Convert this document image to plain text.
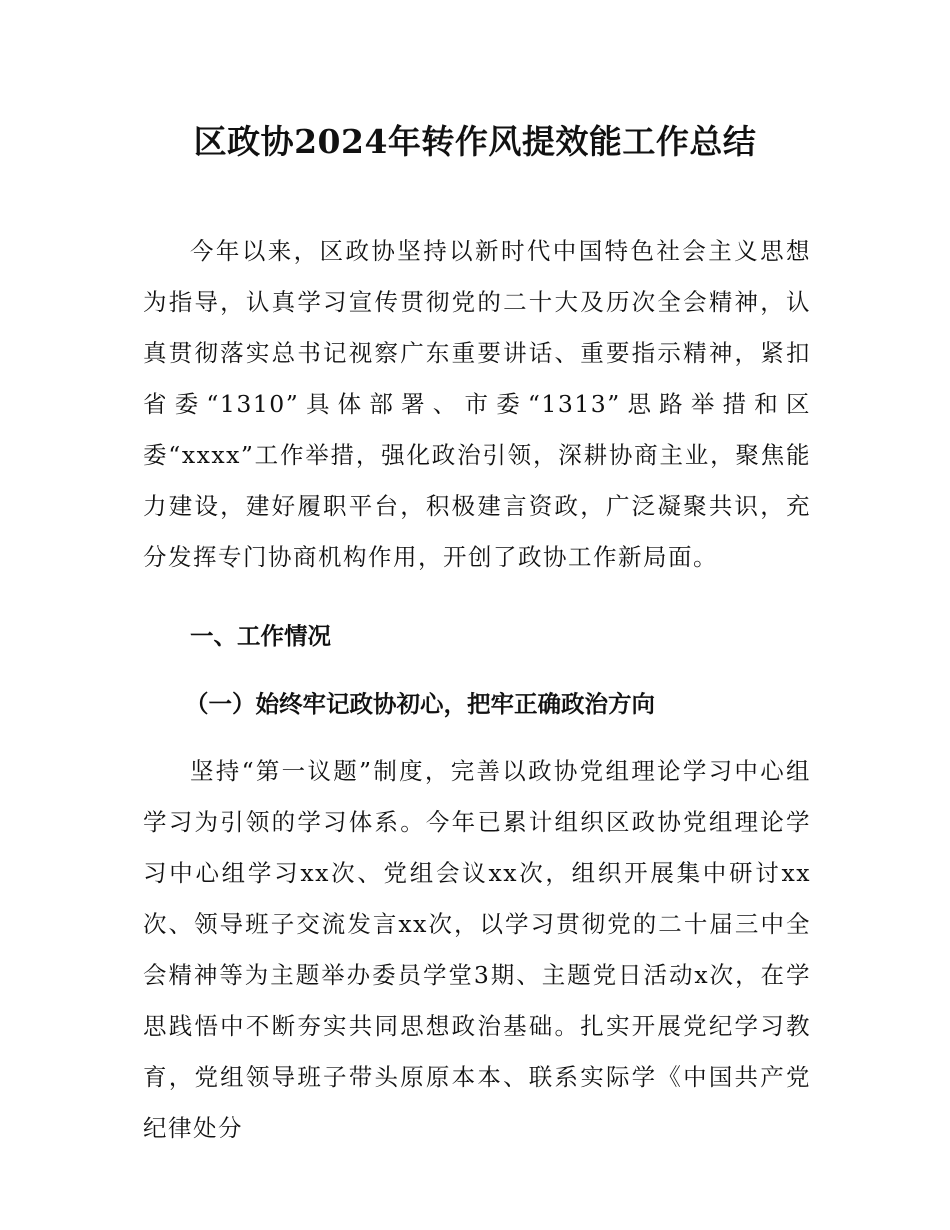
区政协2024年转作风提效能工作总结

今年以来，区政协坚持以新时代中国特色社会主义思想为指导，认真学习宣传贯彻党的二十大及历次全会精神，认真贯彻落实总书记视察广东重要讲话、重要指示精神，紧扣省委“1310”具体部署、市委“1313”思路举措和区委“xxxx”工作举措，强化政治引领，深耕协商主业，聚焦能力建设，建好履职平台，积极建言资政，广泛凝聚共识，充分发挥专门协商机构作用，开创了政协工作新局面。

一、工作情况
（一）始终牢记政协初心，把牢正确政治方向

坚持“第一议题”制度，完善以政协党组理论学习中心组学习为引领的学习体系。今年已累计组织区政协党组理论学习中心组学习xx次、党组会议xx次，组织开展集中研讨xx次、领导班子交流发言xx次，以学习贯彻党的二十届三中全会精神等为主题举办委员学堂3期、主题党日活动x次，在学思践悟中不断夯实共同思想政治基础。扎实开展党纪学习教育，党组领导班子带头原原本本、联系实际学《中国共产党纪律处分
